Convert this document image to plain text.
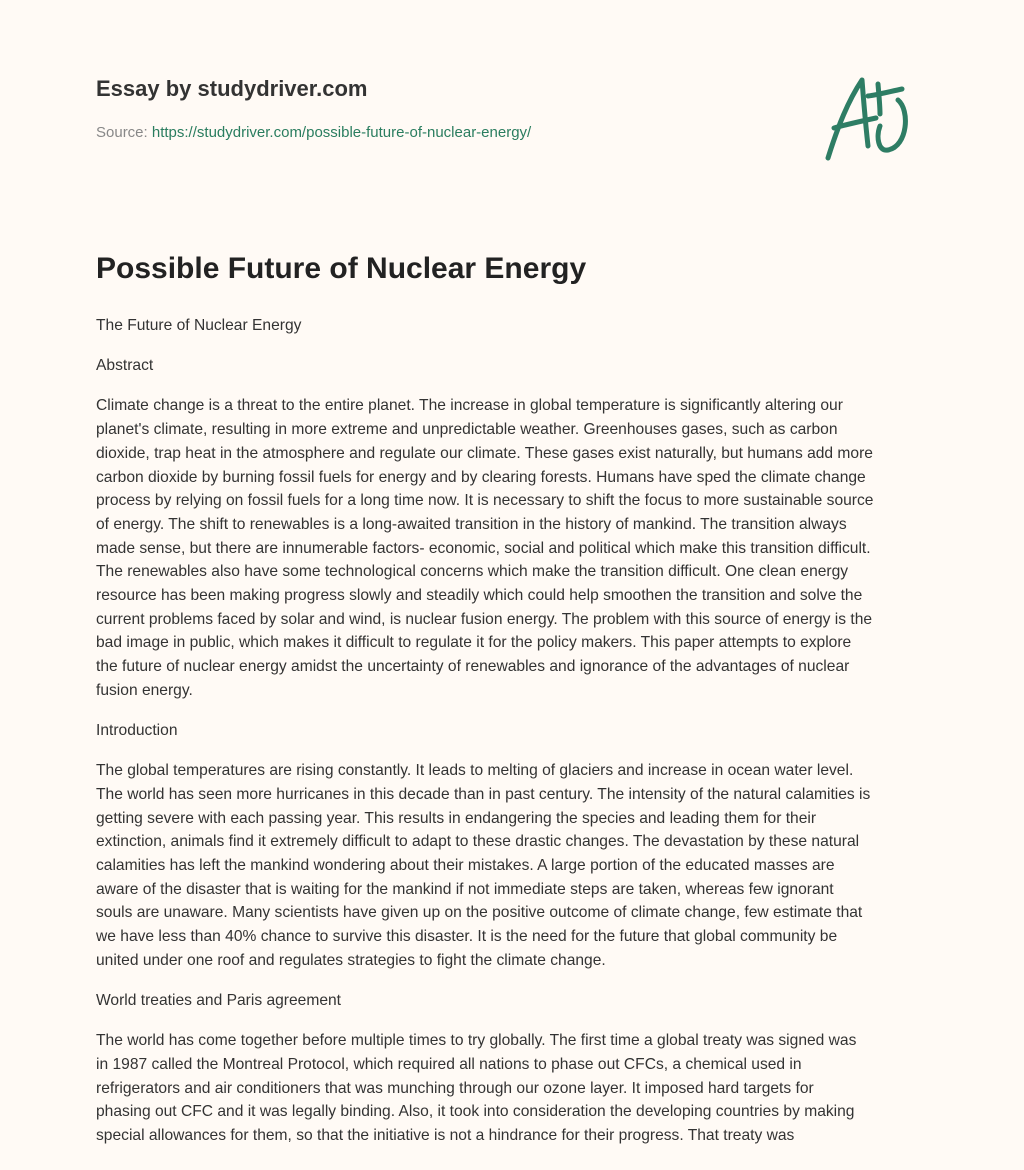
Essay by studydriver.com
Source: https://studydriver.com/possible-future-of-nuclear-energy/
Possible Future of Nuclear Energy

The Future of Nuclear Energy

Abstract

Climate change is a threat to the entire planet. The increase in global temperature is significantly altering our
planet's climate, resulting in more extreme and unpredictable weather. Greenhouses gases, such as carbon
dioxide, trap heat in the atmosphere and regulate our climate. These gases exist naturally, but humans add more
carbon dioxide by burning fossil fuels for energy and by clearing forests. Humans have sped the climate change
process by relying on fossil fuels for a long time now. It is necessary to shift the focus to more sustainable source
of energy. The shift to renewables is a long-awaited transition in the history of mankind. The transition always
made sense, but there are innumerable factors- economic, social and political which make this transition difficult.
The renewables also have some technological concerns which make the transition difficult. One clean energy
resource has been making progress slowly and steadily which could help smoothen the transition and solve the
current problems faced by solar and wind, is nuclear fusion energy. The problem with this source of energy is the
bad image in public, which makes it difficult to regulate it for the policy makers. This paper attempts to explore
the future of nuclear energy amidst the uncertainty of renewables and ignorance of the advantages of nuclear
fusion energy.

Introduction

The global temperatures are rising constantly. It leads to melting of glaciers and increase in ocean water level.
The world has seen more hurricanes in this decade than in past century. The intensity of the natural calamities is
getting severe with each passing year. This results in endangering the species and leading them for their
extinction, animals find it extremely difficult to adapt to these drastic changes. The devastation by these natural
calamities has left the mankind wondering about their mistakes. A large portion of the educated masses are
aware of the disaster that is waiting for the mankind if not immediate steps are taken, whereas few ignorant
souls are unaware. Many scientists have given up on the positive outcome of climate change, few estimate that
we have less than 40% chance to survive this disaster. It is the need for the future that global community be
united under one roof and regulates strategies to fight the climate change.

World treaties and Paris agreement

The world has come together before multiple times to try globally. The first time a global treaty was signed was
in 1987 called the Montreal Protocol, which required all nations to phase out CFCs, a chemical used in
refrigerators and air conditioners that was munching through our ozone layer. It imposed hard targets for
phasing out CFC and it was legally binding. Also, it took into consideration the developing countries by making
special allowances for them, so that the initiative is not a hindrance for their progress. That treaty was
